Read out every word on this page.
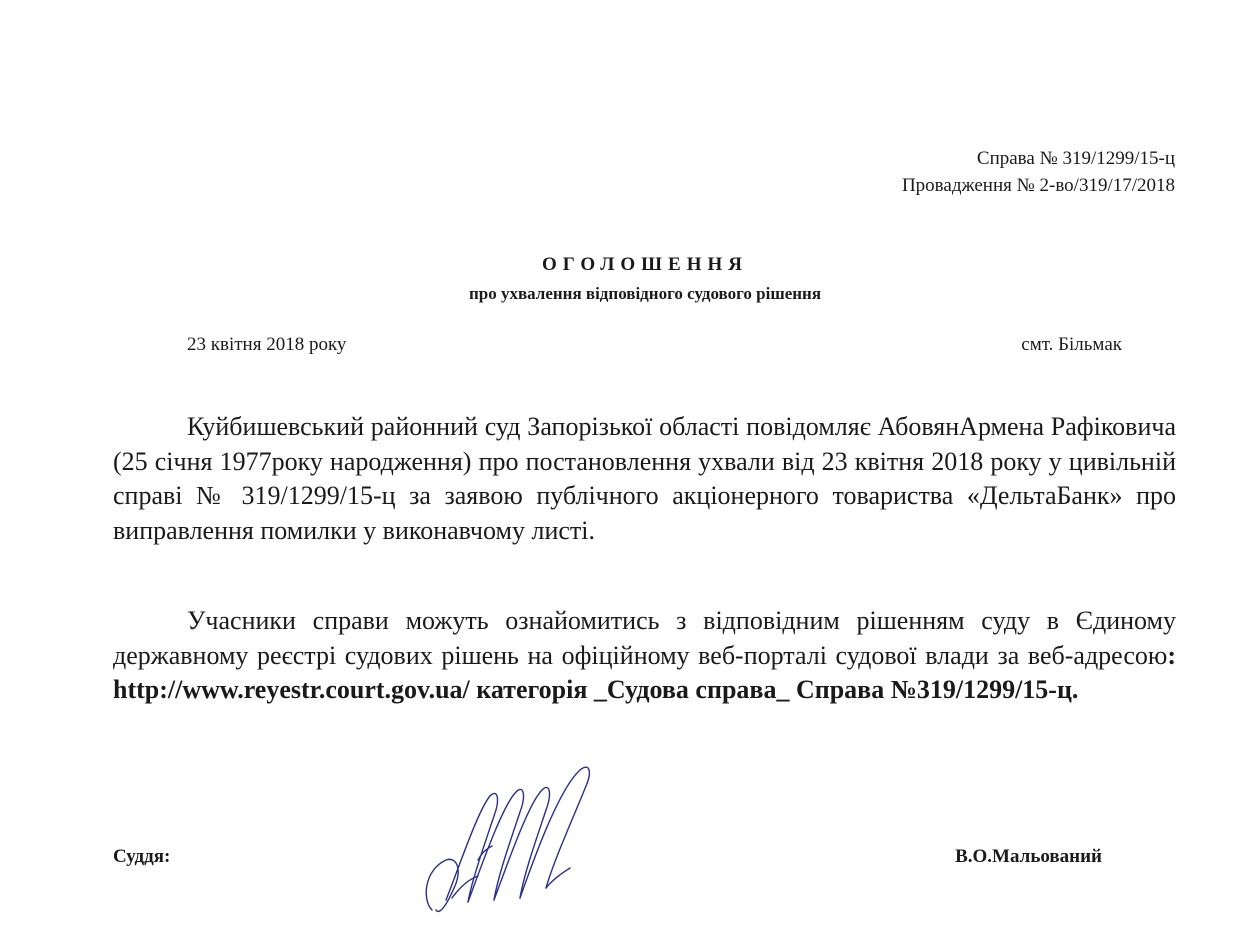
Справа № 319/1299/15-ц
Провадження № 2-во/319/17/2018
ОГОЛОШЕННЯ
про ухвалення відповідного судового рішення
23 квітня 2018 року	смт. Більмак

Куйбишевський районний суд Запорізької області повідомляє АбовянАрмена Рафіковича (25 січня 1977року народження) про постановлення ухвали від 23 квітня 2018 року у цивільній справі № 319/1299/15-ц за заявою публічного акціонерного товариства «ДельтаБанк» про виправлення помилки у виконавчому листі.

Учасники справи можуть ознайомитись з відповідним рішенням суду в Єдиному державному реєстрі судових рішень на офіційному веб-порталі судової влади за веб-адресою: http://www.reyestr.court.gov.ua/ категорія _Судова справа_ Справа №319/1299/15-ц.

Суддя:	В.О.Мальований
